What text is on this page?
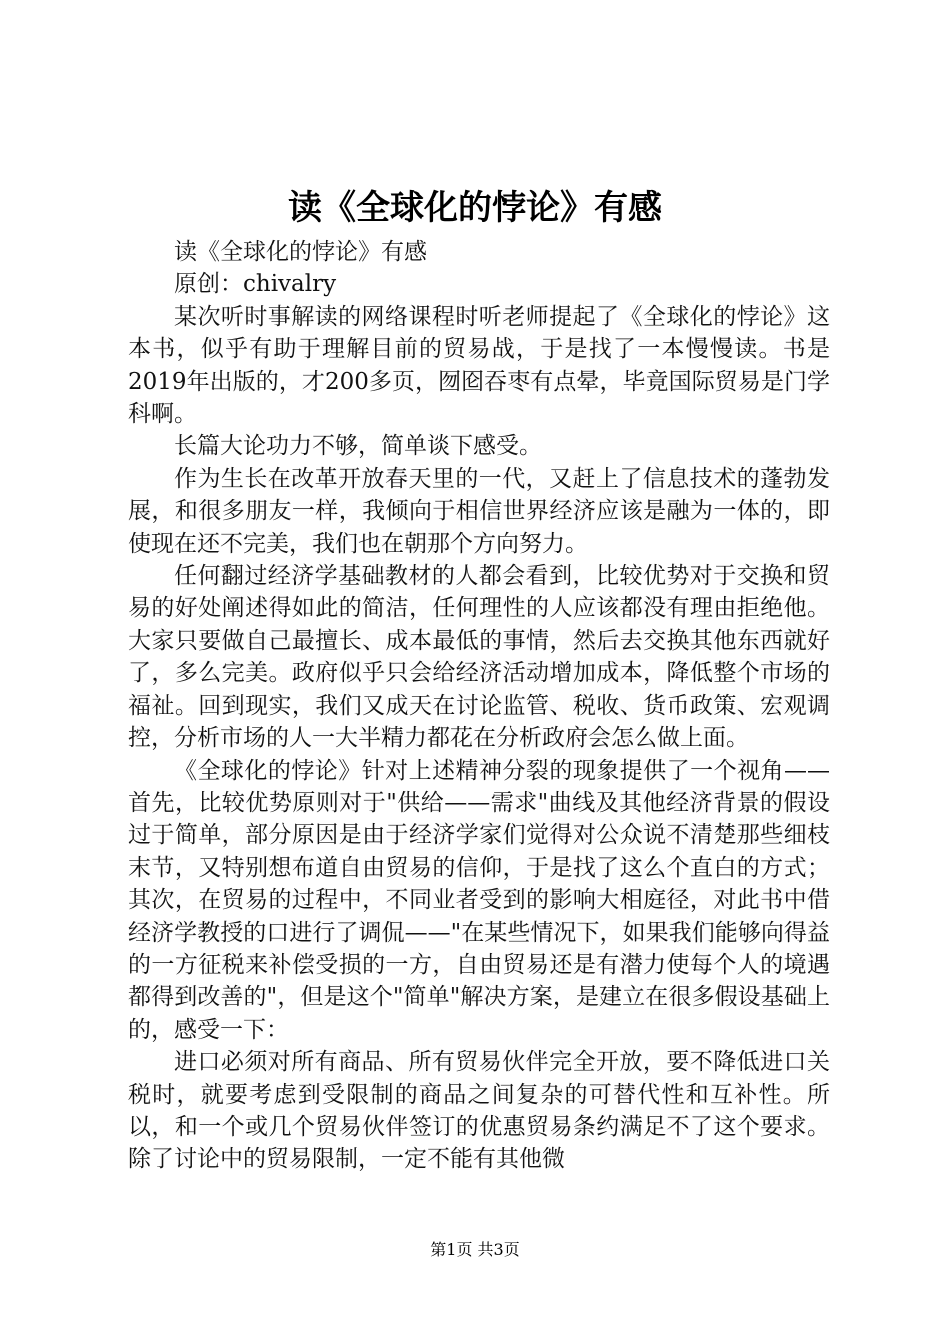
读《全球化的悖论》有感

读《全球化的悖论》有感

原创：chivalry

某次听时事解读的网络课程时听老师提起了《全球化的悖论》这本书，似乎有助于理解目前的贸易战，于是找了一本慢慢读。书是2019年出版的，才200多页，囫囵吞枣有点晕，毕竟国际贸易是门学科啊。

长篇大论功力不够，简单谈下感受。

作为生长在改革开放春天里的一代，又赶上了信息技术的蓬勃发展，和很多朋友一样，我倾向于相信世界经济应该是融为一体的，即使现在还不完美，我们也在朝那个方向努力。

任何翻过经济学基础教材的人都会看到，比较优势对于交换和贸易的好处阐述得如此的简洁，任何理性的人应该都没有理由拒绝他。大家只要做自己最擅长、成本最低的事情，然后去交换其他东西就好了，多么完美。政府似乎只会给经济活动增加成本，降低整个市场的福祉。回到现实，我们又成天在讨论监管、税收、货币政策、宏观调控，分析市场的人一大半精力都花在分析政府会怎么做上面。

《全球化的悖论》针对上述精神分裂的现象提供了一个视角——首先，比较优势原则对于"供给——需求"曲线及其他经济背景的假设过于简单，部分原因是由于经济学家们觉得对公众说不清楚那些细枝末节，又特别想布道自由贸易的信仰，于是找了这么个直白的方式；其次，在贸易的过程中，不同业者受到的影响大相庭径，对此书中借经济学教授的口进行了调侃——"在某些情况下，如果我们能够向得益的一方征税来补偿受损的一方，自由贸易还是有潜力使每个人的境遇都得到改善的"，但是这个"简单"解决方案，是建立在很多假设基础上的，感受一下：

进口必须对所有商品、所有贸易伙伴完全开放，要不降低进口关税时，就要考虑到受限制的商品之间复杂的可替代性和互补性。所以，和一个或几个贸易伙伴签订的优惠贸易条约满足不了这个要求。除了讨论中的贸易限制，一定不能有其他微

第1页 共3页
